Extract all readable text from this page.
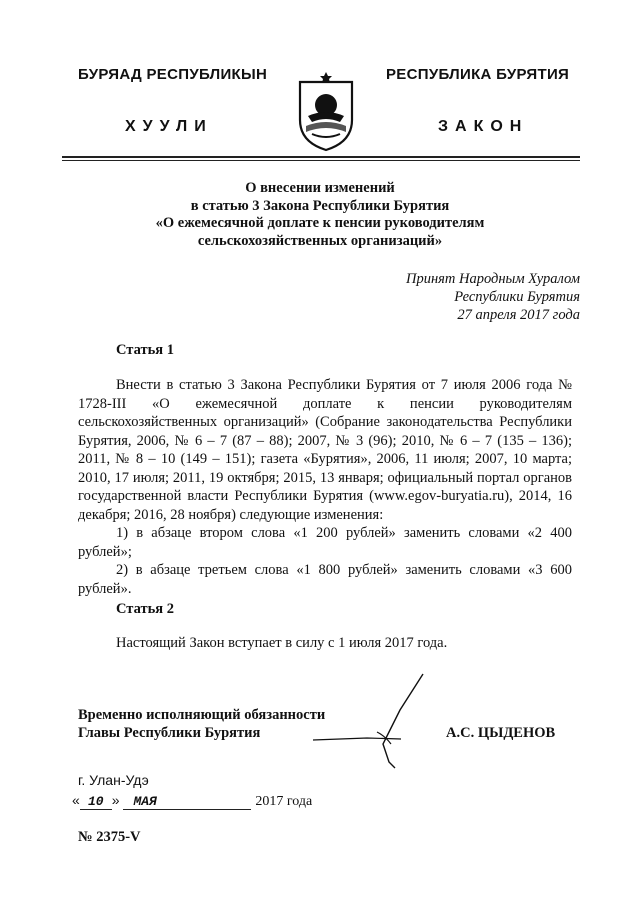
БУРЯАД РЕСПУБЛИКЫН
ХУУЛИ
РЕСПУБЛИКА БУРЯТИЯ
ЗАКОН
О внесении изменений
в статью 3 Закона Республики Бурятия
«О ежемесячной доплате к пенсии руководителям
сельскохозяйственных организаций»
Принят Народным Хуралом
Республики Бурятия
27 апреля 2017 года
Статья 1

Внести в статью 3 Закона Республики Бурятия от 7 июля 2006 года № 1728-III «О ежемесячной доплате к пенсии руководителям сельскохозяйственных организаций» (Собрание законодательства Республики Бурятия, 2006, № 6 – 7 (87 – 88); 2007, № 3 (96); 2010, № 6 – 7 (135 – 136); 2011, № 8 – 10 (149 – 151); газета «Бурятия», 2006, 11 июля; 2007, 10 марта; 2010, 17 июля; 2011, 19 октября; 2015, 13 января; официальный портал органов государственной власти Республики Бурятия (www.egov-buryatia.ru), 2014, 16 декабря; 2016, 28 ноября) следующие изменения:

1) в абзаце втором слова «1 200 рублей» заменить словами «2 400 рублей»;

2) в абзаце третьем слова «1 800 рублей» заменить словами «3 600 рублей».

Статья 2

Настоящий Закон вступает в силу с 1 июля 2017 года.

Временно исполняющий обязанности
Главы Республики Бурятия	А.С. ЦЫДЕНОВ
г. Улан-Удэ
« 10 » МАЯ	2017 года
№ 2375-V
